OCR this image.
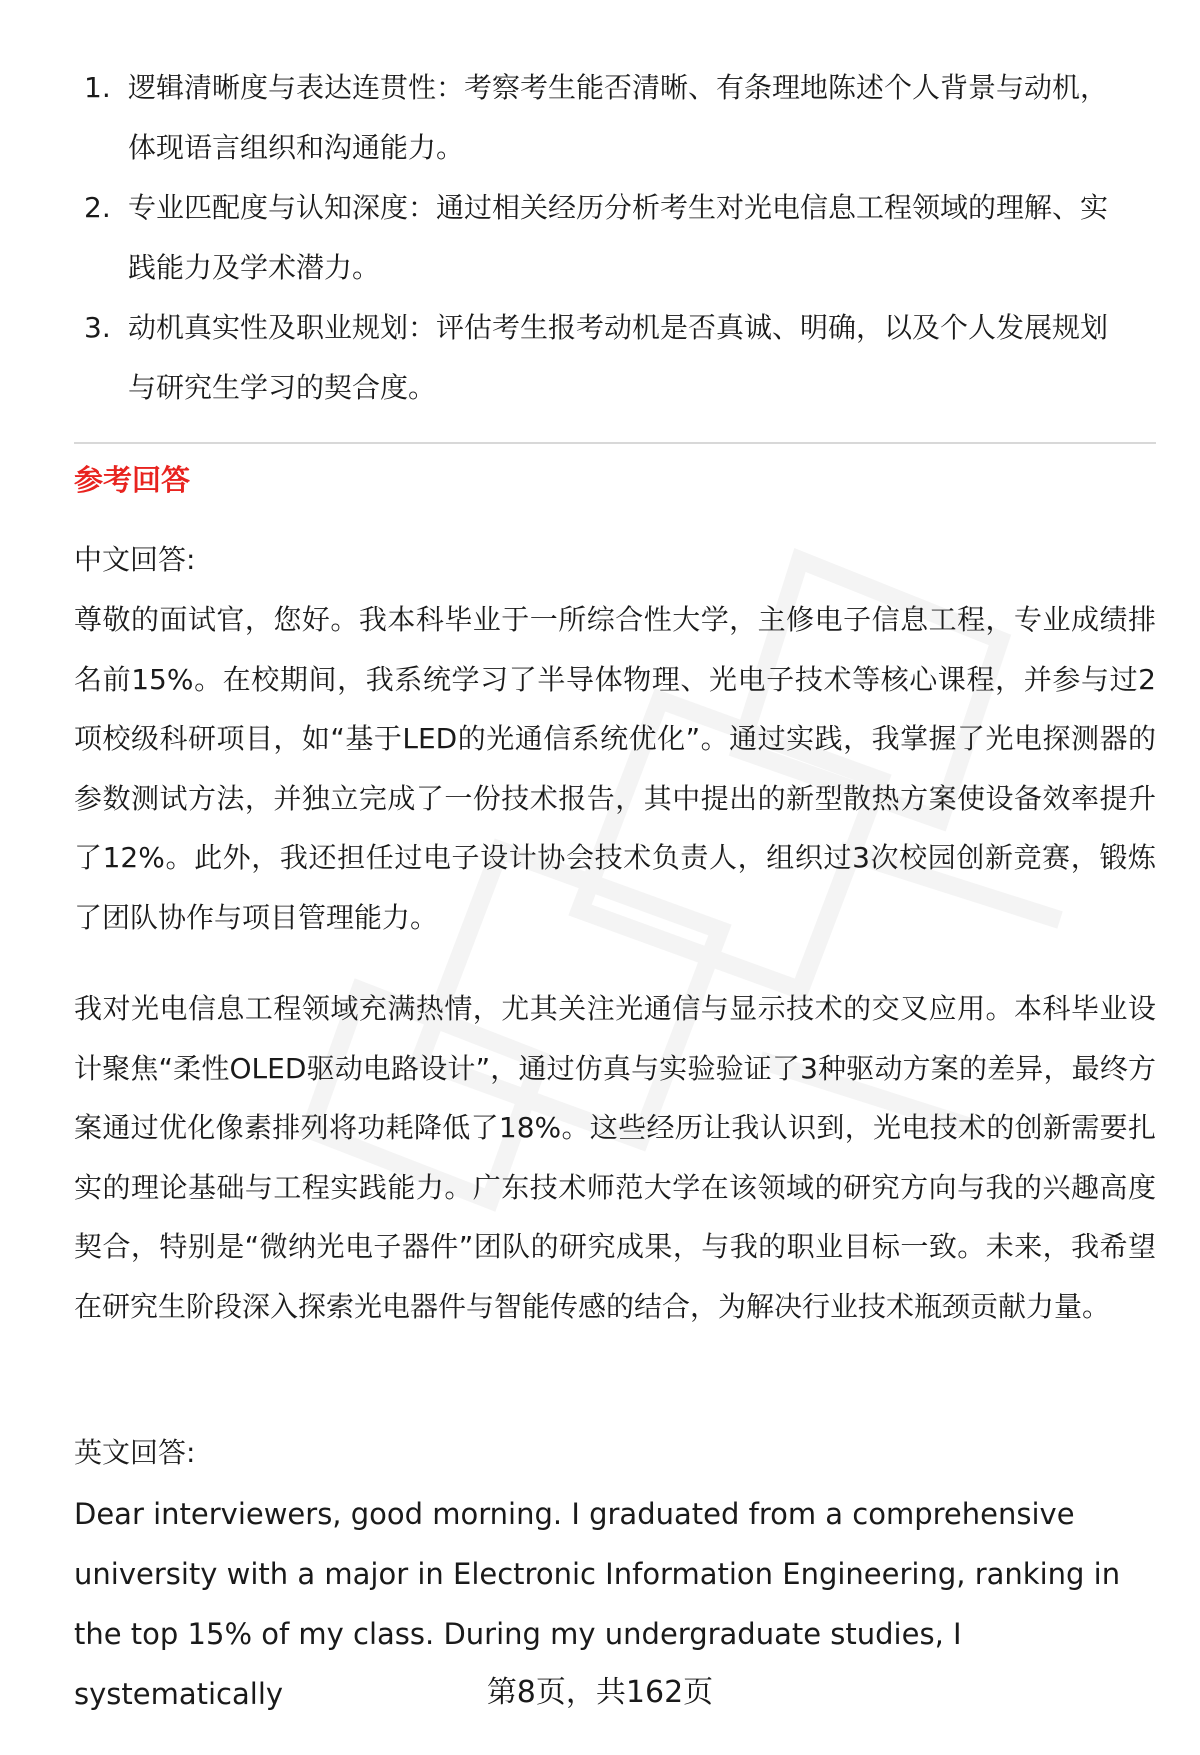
1. 逻辑清晰度与表达连贯性：考察考生能否清晰、有条理地陈述个人背景与动机，体现语言组织和沟通能力。
2. 专业匹配度与认知深度：通过相关经历分析考生对光电信息工程领域的理解、实践能力及学术潜力。
3. 动机真实性及职业规划：评估考生报考动机是否真诚、明确，以及个人发展规划与研究生学习的契合度。
参考回答
中文回答:

尊敬的面试官，您好。我本科毕业于一所综合性大学，主修电子信息工程，专业成绩排名前15%。在校期间，我系统学习了半导体物理、光电子技术等核心课程，并参与过2项校级科研项目，如“基于LED的光通信系统优化”。通过实践，我掌握了光电探测器的参数测试方法，并独立完成了一份技术报告，其中提出的新型散热方案使设备效率提升了12%。此外，我还担任过电子设计协会技术负责人，组织过3次校园创新竞赛，锻炼了团队协作与项目管理能力。

我对光电信息工程领域充满热情，尤其关注光通信与显示技术的交叉应用。本科毕业设计聚焦“柔性OLED驱动电路设计”，通过仿真与实验验证了3种驱动方案的差异，最终方案通过优化像素排列将功耗降低了18%。这些经历让我认识到，光电技术的创新需要扎实的理论基础与工程实践能力。广东技术师范大学在该领域的研究方向与我的兴趣高度契合，特别是“微纳光电子器件”团队的研究成果，与我的职业目标一致。未来，我希望在研究生阶段深入探索光电器件与智能传感的结合，为解决行业技术瓶颈贡献力量。

英文回答:

Dear interviewers, good morning. I graduated from a comprehensive university with a major in Electronic Information Engineering, ranking in the top 15% of my class. During my undergraduate studies, I systematically	第8页，共162页
